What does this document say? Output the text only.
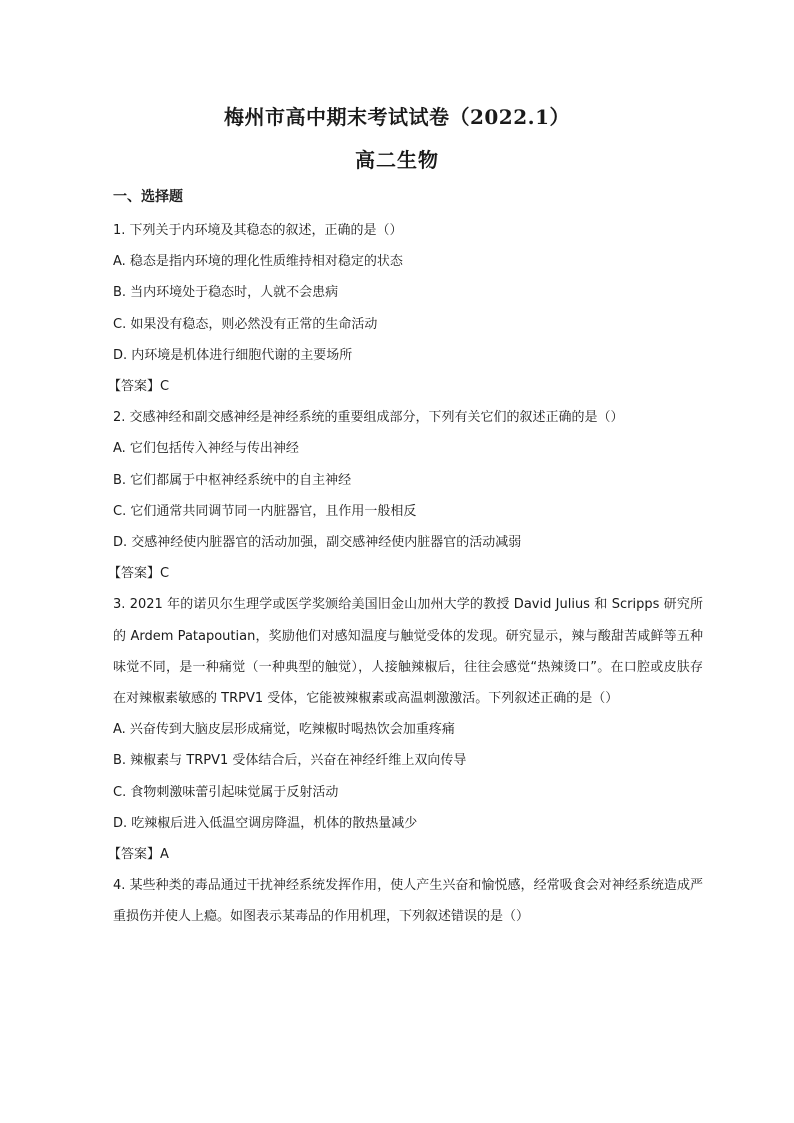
梅州市高中期末考试试卷（2022.1）
高二生物
一、选择题
1. 下列关于内环境及其稳态的叙述，正确的是（）
A. 稳态是指内环境的理化性质维持相对稳定的状态
B. 当内环境处于稳态时，人就不会患病
C. 如果没有稳态，则必然没有正常的生命活动
D. 内环境是机体进行细胞代谢的主要场所
【答案】C
2. 交感神经和副交感神经是神经系统的重要组成部分，下列有关它们的叙述正确的是（）
A. 它们包括传入神经与传出神经
B. 它们都属于中枢神经系统中的自主神经
C. 它们通常共同调节同一内脏器官，且作用一般相反
D. 交感神经使内脏器官的活动加强，副交感神经使内脏器官的活动减弱
【答案】C
3. 2021 年的诺贝尔生理学或医学奖颁给美国旧金山加州大学的教授 David Julius 和 Scripps 研究所的 Ardem Patapoutian，奖励他们对感知温度与触觉受体的发现。研究显示，辣与酸甜苦咸鲜等五种味觉不同，是一种痛觉（一种典型的触觉），人接触辣椒后，往往会感觉“热辣烫口”。在口腔或皮肤存在对辣椒素敏感的 TRPV1 受体，它能被辣椒素或高温刺激激活。下列叙述正确的是（）
A. 兴奋传到大脑皮层形成痛觉，吃辣椒时喝热饮会加重疼痛
B. 辣椒素与 TRPV1 受体结合后，兴奋在神经纤维上双向传导
C. 食物刺激味蕾引起味觉属于反射活动
D. 吃辣椒后进入低温空调房降温，机体的散热量减少
【答案】A
4. 某些种类的毒品通过干扰神经系统发挥作用，使人产生兴奋和愉悦感，经常吸食会对神经系统造成严重损伤并使人上瘾。如图表示某毒品的作用机理，下列叙述错误的是（）
